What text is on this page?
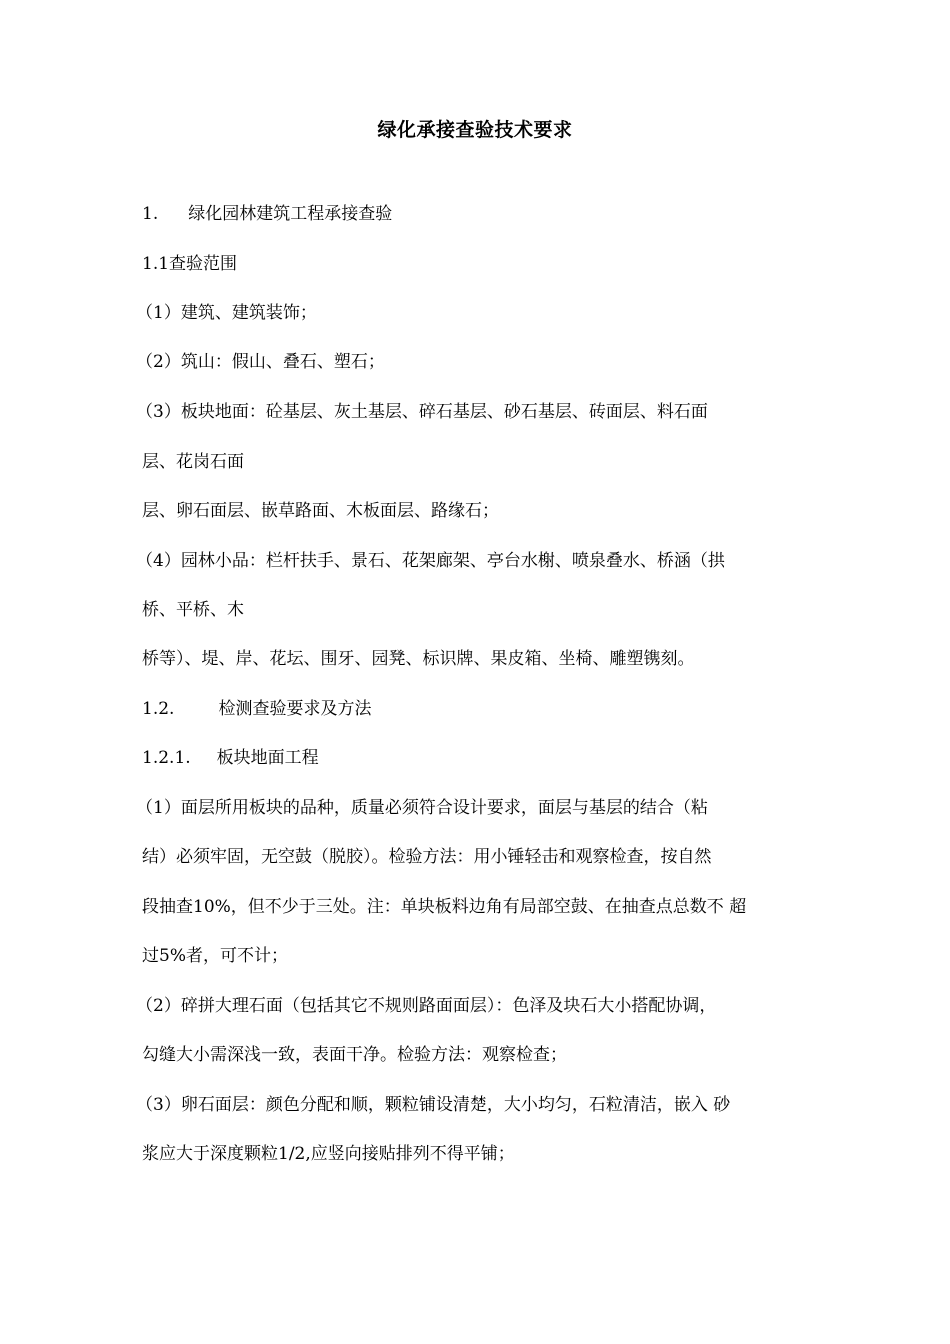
绿化承接查验技术要求
1. 绿化园林建筑工程承接查验
1.1查验范围
（1）建筑、建筑装饰；
（2）筑山：假山、叠石、塑石；
（3）板块地面：砼基层、灰土基层、碎石基层、砂石基层、砖面层、料石面
层、花岗石面
层、卵石面层、嵌草路面、木板面层、路缘石；
（4）园林小品：栏杆扶手、景石、花架廊架、亭台水榭、喷泉叠水、桥涵（拱
桥、平桥、木
桥等）、堤、岸、花坛、围牙、园凳、标识牌、果皮箱、坐椅、雕塑镌刻。
1.2.	检测查验要求及方法
1.2.1. 板块地面工程
（1）面层所用板块的品种，质量必须符合设计要求，面层与基层的结合（粘
结）必须牢固，无空鼓（脱胶）。检验方法：用小锤轻击和观察检查，按自然
段抽查10%，但不少于三处。注：单块板料边角有局部空鼓、在抽查点总数不 超
过5%者，可不计；
（2）碎拼大理石面（包括其它不规则路面面层）：色泽及块石大小搭配协调，
勾缝大小需深浅一致，表面干净。检验方法：观察检查；
（3）卵石面层：颜色分配和顺，颗粒铺设清楚，大小均匀，石粒清洁，嵌入 砂
浆应大于深度颗粒1/2,应竖向接贴排列不得平铺；
